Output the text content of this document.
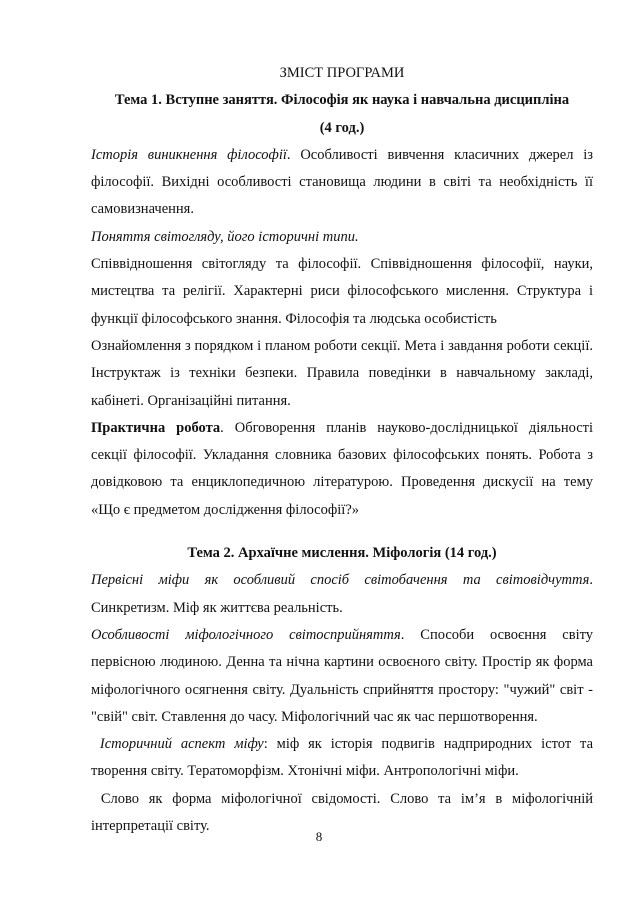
ЗМІСТ ПРОГРАМИ

Тема 1. Вступне заняття. Філософія як наука і навчальна дисципліна

(4 год.)

Історія виникнення філософії. Особливості вивчення класичних джерел із філософії. Вихідні особливості становища людини в світі та необхідність її самовизначення.

Поняття світогляду, його історичні типи.

Співвідношення світогляду та філософії. Співвідношення філософії, науки, мистецтва та релігії. Характерні риси філософського мислення. Структура і функції філософського знання. Філософія та людська особистість

Ознайомлення з порядком і планом роботи секції. Мета і завдання роботи секції. Інструктаж із техніки безпеки. Правила поведінки в навчальному закладі, кабінеті. Організаційні питання.

Практична робота. Обговорення планів науково-дослідницької діяльності секції філософії. Укладання словника базових філософських понять. Робота з довідковою та енциклопедичною літературою. Проведення дискусії на тему «Що є предметом дослідження філософії?»

Тема 2. Архаїчне мислення. Міфологія (14 год.)

Первісні міфи як особливий спосіб світобачення та світовідчуття. Синкретизм. Міф як життєва реальність.

Особливості міфологічного світосприйняття. Способи освоєння світу первісною людиною. Денна та нічна картини освоєного світу. Простір як форма міфологічного осягнення світу. Дуальність сприйняття простору: "чужий" світ - "свій" світ. Ставлення до часу. Міфологічний час як час першотворення.

Історичний аспект міфу: міф як історія подвигів надприродних істот та творення світу. Тератоморфізм. Хтонічні міфи. Антропологічні міфи.

Слово як форма міфологічної свідомості. Слово та ім’я в міфологічній інтерпретації світу.

8
